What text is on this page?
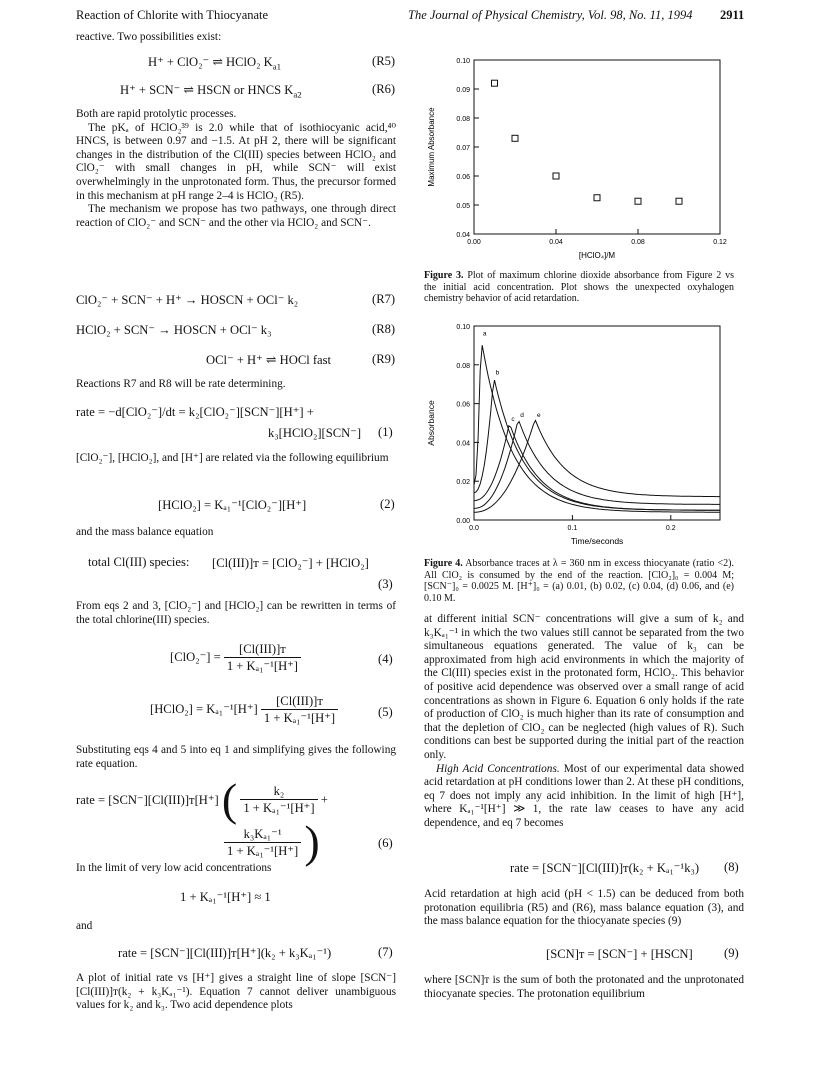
Reaction of Chlorite with Thiocyanate	The Journal of Physical Chemistry, Vol. 98, No. 11, 1994 2911

reactive. Two possibilities exist:

H⁺ + ClO₂⁻ ⇌ HClO₂ $K_{a1}$	(R5)
H⁺ + SCN⁻ ⇌ HSCN or HNCS $K_{a2}$	(R6)

Both are rapid protolytic processes.

The pKₐ of HClO₂³⁹ is 2.0 while that of isothiocyanic acid,⁴⁰ HNCS, is between 0.97 and −1.5. At pH 2, there will be significant changes in the distribution of the Cl(III) species between HClO₂ and ClO₂⁻ with small changes in pH, while SCN⁻ will exist overwhelmingly in the unprotonated form. Thus, the precursor formed in this mechanism at pH range 2–4 is HClO₂ (R5).

The mechanism we propose has two pathways, one through direct reaction of ClO₂⁻ and SCN⁻ and the other via HClO₂ and SCN⁻.

ClO₂⁻ + SCN⁻ + H⁺ → HOSCN + OCl⁻ k₂	(R7)
HClO₂ + SCN⁻ → HOSCN + OCl⁻ k₃	(R8)
OCl⁻ + H⁺ ⇌ HOCl fast	(R9)

Reactions R7 and R8 will be rate determining.

rate = −d[ClO₂⁻]/dt = k₂[ClO₂⁻][SCN⁻][H⁺] +
k₃[HClO₂][SCN⁻] (1)

[ClO₂⁻], [HClO₂], and [H⁺] are related via the following equilibrium

[HClO₂] = Kₐ₁⁻¹[ClO₂⁻][H⁺]	(2)

and the mass balance equation

total Cl(III) species: [Cl(III)]ᴛ = [ClO₂⁻] + [HClO₂]
(3)

From eqs 2 and 3, [ClO₂⁻] and [HClO₂] can be rewritten in terms of the total chlorine(III) species.

$[ClO_2^-] = \frac{\text{[Cl(III)]ᴛ}}{\text{1 + Kₐ₁⁻¹[H⁺]}}$	(4)
[HClO₂] = $K_{a1}^{-1}[H^+] \frac{\text{[Cl(III)]ᴛ}}{\text{1 + Kₐ₁⁻¹[H⁺]}}$	(5)

Substituting eqs 4 and 5 into eq 1 and simplifying gives the following rate equation.

rate = [SCN⁻][Cl(III)]ᴛ[H⁺] ( $\frac{\text{k₂}}{\text{1 + Kₐ₁⁻¹[H⁺]}}$ +
$\frac{\text{k₃Kₐ₁⁻¹}}{\text{1 + Kₐ₁⁻¹[H⁺]}}$ )	(6)

In the limit of very low acid concentrations

1 + Kₐ₁⁻¹[H⁺] ≈ 1

and

rate = [SCN⁻][Cl(III)]ᴛ[H⁺](k₂ + k₃Kₐ₁⁻¹)	(7)

A plot of initial rate vs [H⁺] gives a straight line of slope [SCN⁻][Cl(III)]ᴛ(k₂ + k₃Kₐ₁⁻¹). Equation 7 cannot deliver unambiguous values for k₂ and k₃. Two acid dependence plots

0.04
0.05
0.06
0.07
0.08
0.09
0.10
0.00	0.04	0.08	0.12
[HClO₄]/M
Maximum Absorbance
Figure 3. Plot of maximum chlorine dioxide absorbance from Figure 2 vs the initial acid concentration. Plot shows the unexpected oxyhalogen chemistry behavior of acid retardation.
0.00
0.02
0.04
0.06
0.08
0.10
0.0	0.1	0.2
Time/seconds
Absorbance
a
b
c
d e
Figure 4. Absorbance traces at λ = 360 nm in excess thiocyanate (ratio <2). All ClO₂ is consumed by the end of the reaction. [ClO₂]₀ = 0.004 M; [SCN⁻]₀ = 0.0025 M. [H⁺]₀ = (a) 0.01, (b) 0.02, (c) 0.04, (d) 0.06, and (e) 0.10 M.

at different initial SCN⁻ concentrations will give a sum of k₂ and k₃Kₐ₁⁻¹ in which the two values still cannot be separated from the two simultaneous equations generated. The value of k₃ can be approximated from high acid environments in which the majority of the Cl(III) species exist in the protonated form, HClO₂. This behavior of positive acid dependence was observed over a small range of acid concentrations as shown in Figure 6. Equation 6 only holds if the rate of production of ClO₂ is much higher than its rate of consumption and that the depletion of ClO₂ can be neglected (high values of R). Such conditions can best be supported during the initial part of the reaction only.

High Acid Concentrations. Most of our experimental data showed acid retardation at pH conditions lower than 2. At these pH conditions, eq 7 does not imply any acid inhibition. In the limit of high [H⁺], where Kₐ₁⁻¹[H⁺] ≫ 1, the rate law ceases to have any acid dependence, and eq 7 becomes

rate = [SCN⁻][Cl(III)]ᴛ(k₂ + Kₐ₁⁻¹k₃) (8)

Acid retardation at high acid (pH < 1.5) can be deduced from both protonation equilibria (R5) and (R6), mass balance equation (3), and the mass balance equation for the thiocyanate species (9)

[SCN]ᴛ = [SCN⁻] + [HSCN] (9)

where [SCN]ᴛ is the sum of both the protonated and the unprotonated thiocyanate species. The protonation equilibrium
